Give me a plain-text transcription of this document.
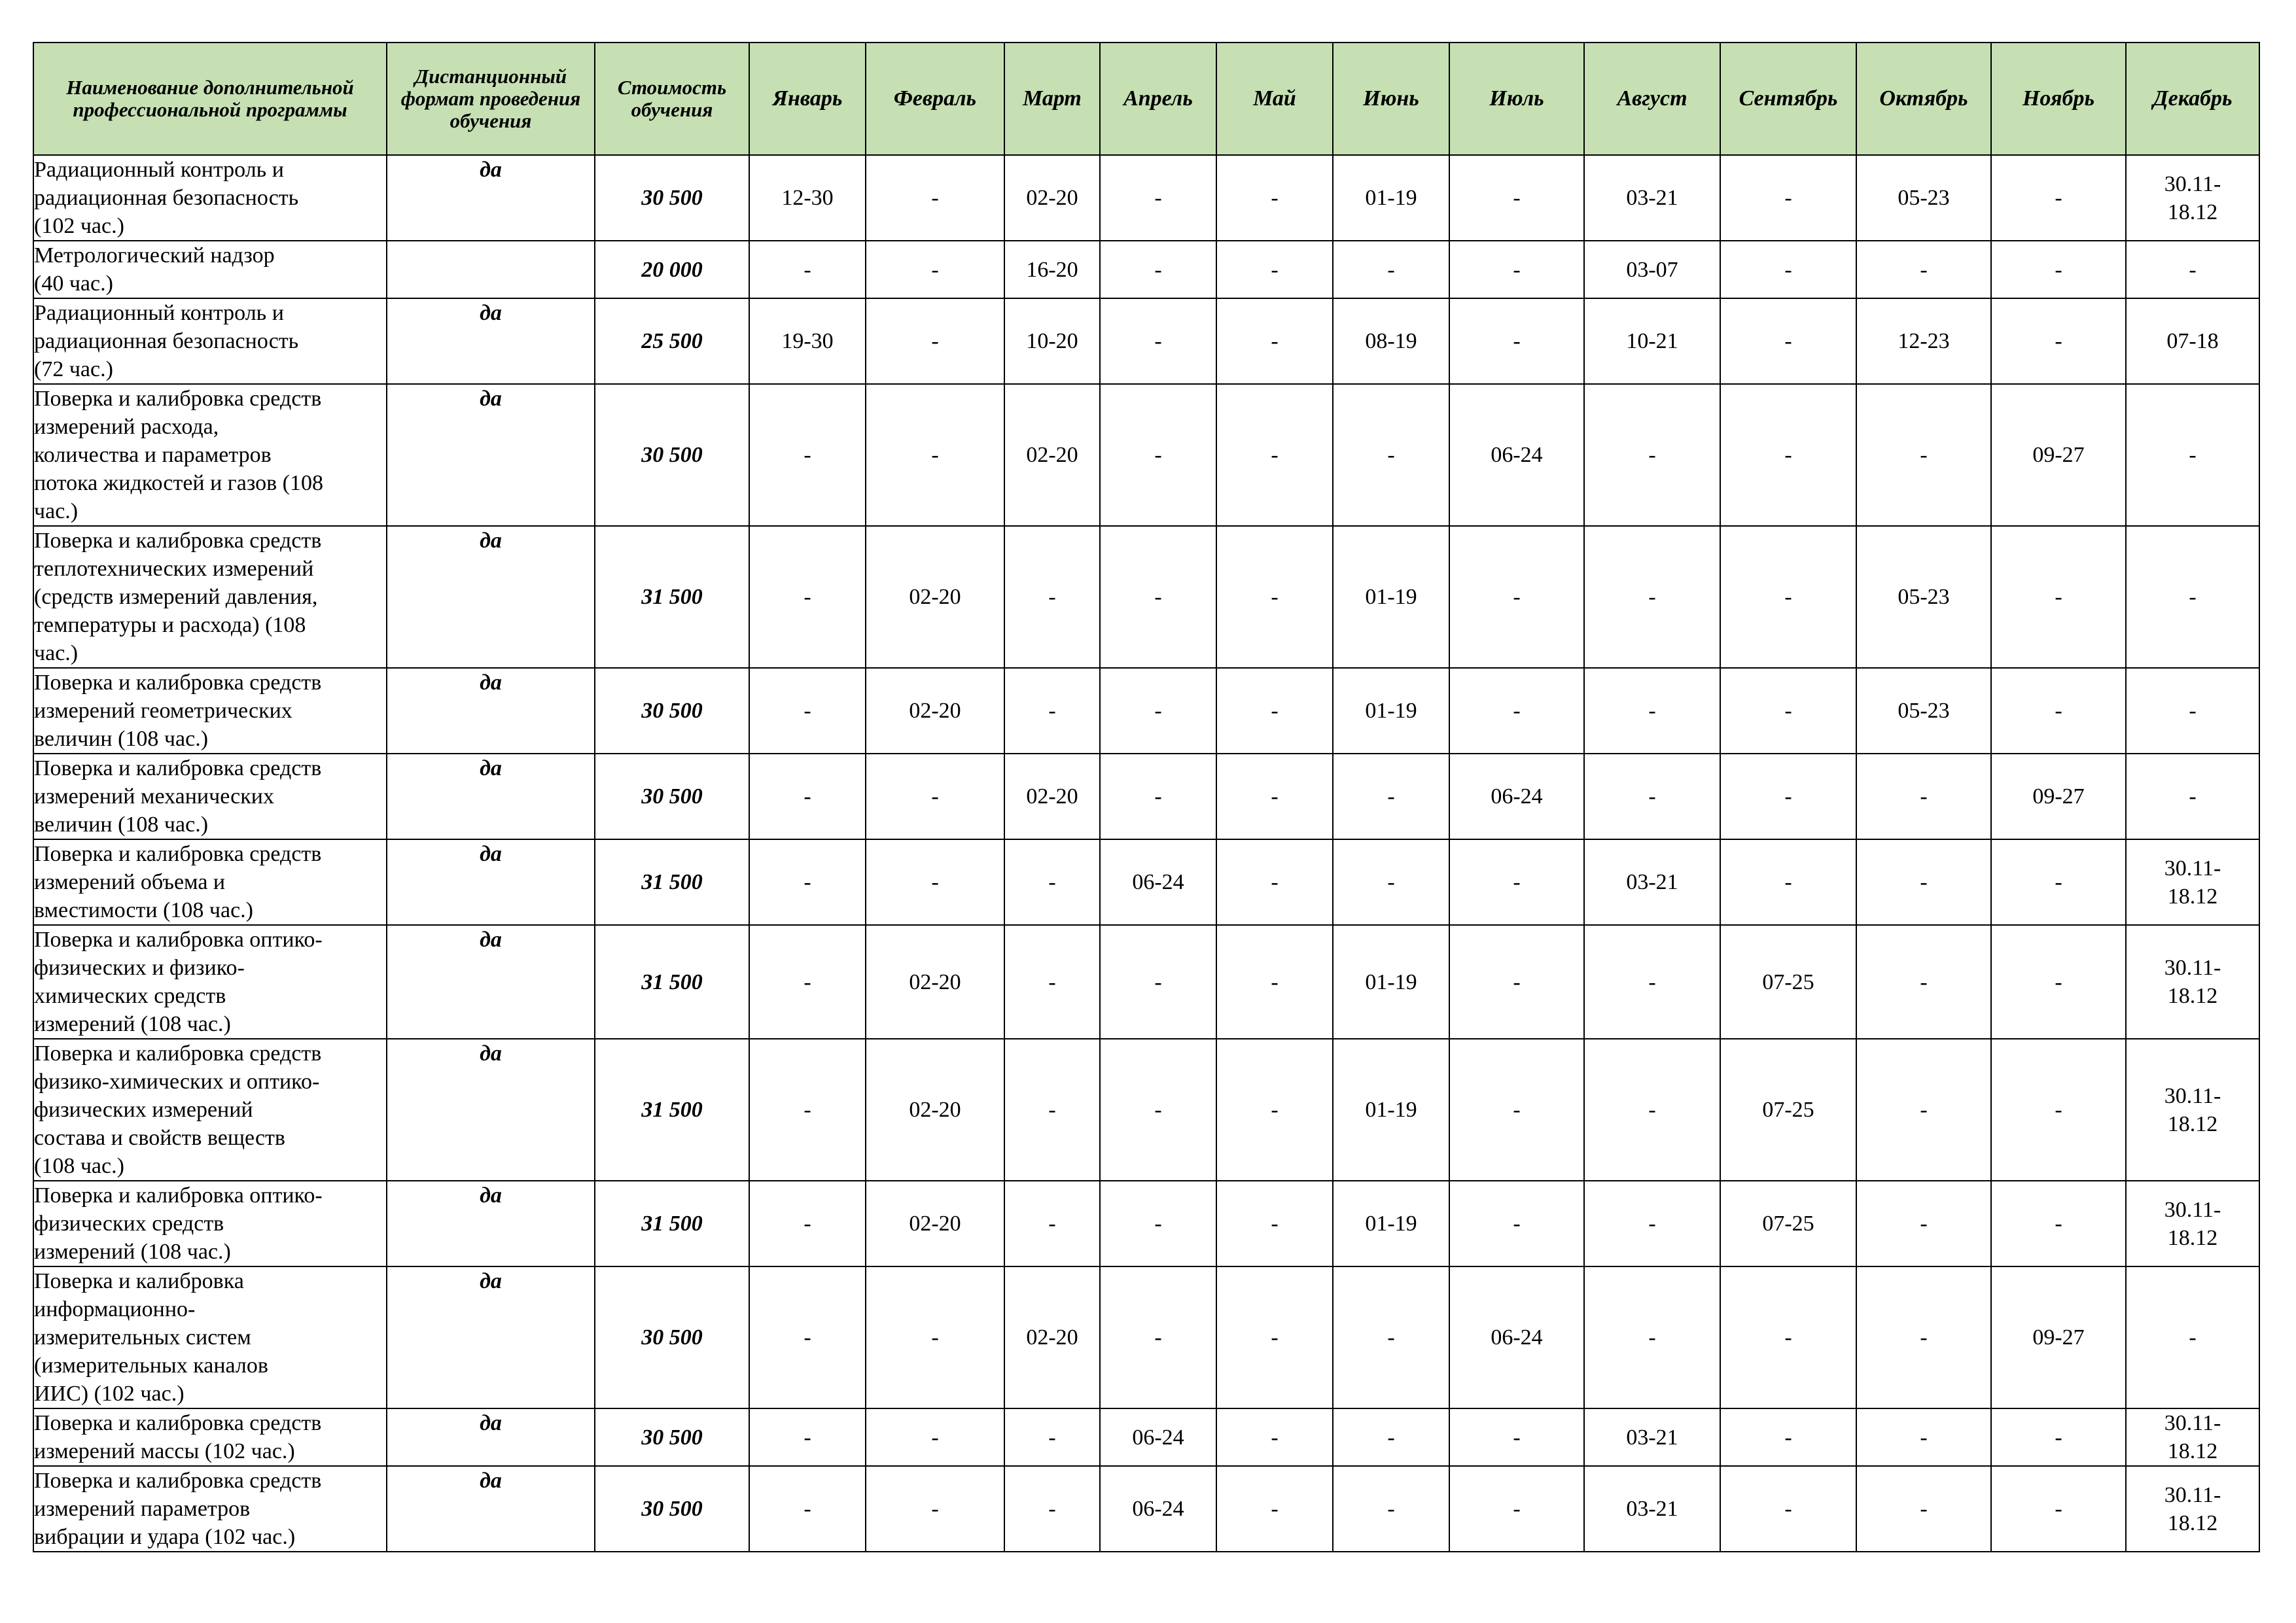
Наименование дополнительной профессиональной программы	Дистанционный формат проведения обучения	Стоимость обучения	Январь	Февраль	Март	Апрель	Май	Июнь	Июль	Август	Сентябрь	Октябрь	Ноябрь	Декабрь

Радиационный контроль и
радиационная безопасность
(102 час.)	да	30 500	12-30	-	02-20	-	-	01-19	-	03-21	-	05-23	-	30.11-
18.12

Метрологический надзор
(40 час.)		20 000	-	-	16-20	-	-	-	-	03-07	-	-	-	-

Радиационный контроль и
радиационная безопасность
(72 час.)	да	25 500	19-30	-	10-20	-	-	08-19	-	10-21	-	12-23	-	07-18

Поверка и калибровка средств
измерений расхода,
количества и параметров
потока жидкостей и газов (108
час.)	да	30 500	-	-	02-20	-	-	-	06-24	-	-	-	09-27	-

Поверка и калибровка средств
теплотехнических измерений
(средств измерений давления,
температуры и расхода) (108
час.)	да	31 500	-	02-20	-	-	-	01-19	-	-	-	05-23	-	-

Поверка и калибровка средств
измерений геометрических
величин (108 час.)	да	30 500	-	02-20	-	-	-	01-19	-	-	-	05-23	-	-

Поверка и калибровка средств
измерений механических
величин (108 час.)	да	30 500	-	-	02-20	-	-	-	06-24	-	-	-	09-27	-

Поверка и калибровка средств
измерений объема и
вместимости (108 час.)	да	31 500	-	-	-	06-24	-	-	-	03-21	-	-	-	30.11-
18.12

Поверка и калибровка оптико-
физических и физико-
химических средств
измерений (108 час.)	да	31 500	-	02-20	-	-	-	01-19	-	-	07-25	-	-	30.11-
18.12

Поверка и калибровка средств
физико-химических и оптико-
физических измерений
состава и свойств веществ
(108 час.)	да	31 500	-	02-20	-	-	-	01-19	-	-	07-25	-	-	30.11-
18.12

Поверка и калибровка оптико-
физических средств
измерений (108 час.)	да	31 500	-	02-20	-	-	-	01-19	-	-	07-25	-	-	30.11-
18.12

Поверка и калибровка
информационно-
измерительных систем
(измерительных каналов
ИИС) (102 час.)	да	30 500	-	-	02-20	-	-	-	06-24	-	-	-	09-27	-

Поверка и калибровка средств
измерений массы (102 час.)	да	30 500	-	-	-	06-24	-	-	-	03-21	-	-	-	30.11-
18.12

Поверка и калибровка средств
измерений параметров
вибрации и удара (102 час.)	да	30 500	-	-	-	06-24	-	-	-	03-21	-	-	-	30.11-
18.12
